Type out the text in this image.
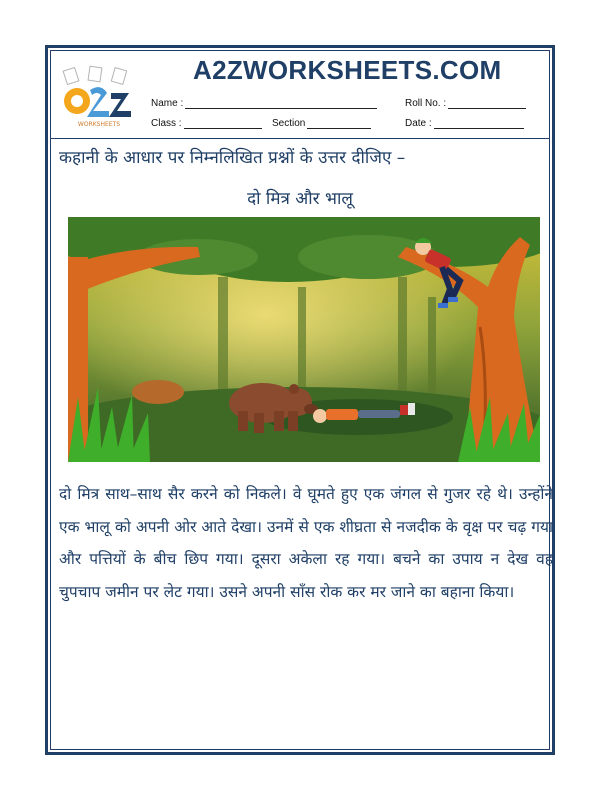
WORKSHEETS
A2ZWORKSHEETS.COM
Name :	Roll No. :
Class :	Section	Date :
कहानी के आधार पर निम्नलिखित प्रश्नों के उत्तर दीजिए –
दो मित्र और भालू
दो मित्र साथ–साथ सैर करने को निकले। वे घूमते हुए एक जंगल से गुजर रहे थे। उन्होंने एक भालू को अपनी ओर आते देखा। उनमें से एक शीघ्रता से नजदीक के वृक्ष पर चढ़ गया और पत्तियों के बीच छिप गया। दूसरा अकेला रह गया। बचने का उपाय न देख वह चुपचाप जमीन पर लेट गया। उसने अपनी साँस रोक कर मर जाने का बहाना किया।
